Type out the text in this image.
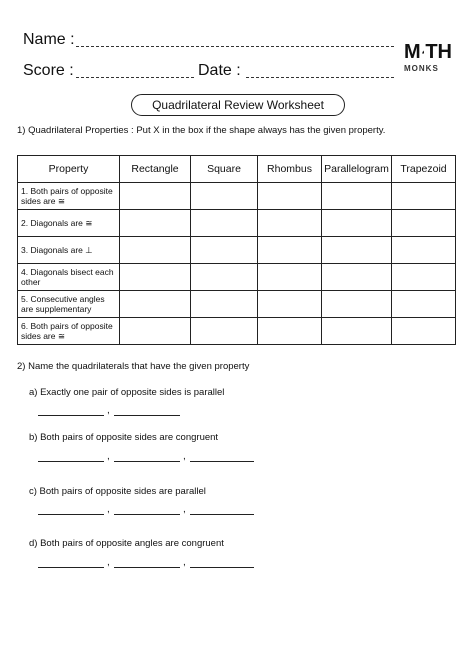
Name :
Score :	Date :
M TH
MONKS
Quadrilateral Review Worksheet
1) Quadrilateral Properties : Put X in the box if the shape always has the given property.
Property	Rectangle	Square	Rhombus	Parallelogram	Trapezoid
1. Both pairs of opposite sides are ≅					
2. Diagonals are ≅					
3. Diagonals are ⊥					
4. Diagonals bisect each other					
5. Consecutive angles are supplementary					
6. Both pairs of opposite sides are ≅					
2) Name the quadrilaterals that have the given property
a) Exactly one pair of opposite sides is parallel
,
b) Both pairs of opposite sides are congruent
,	,
c) Both pairs of opposite sides are parallel
,	,
d) Both pairs of opposite angles are congruent
,	,
